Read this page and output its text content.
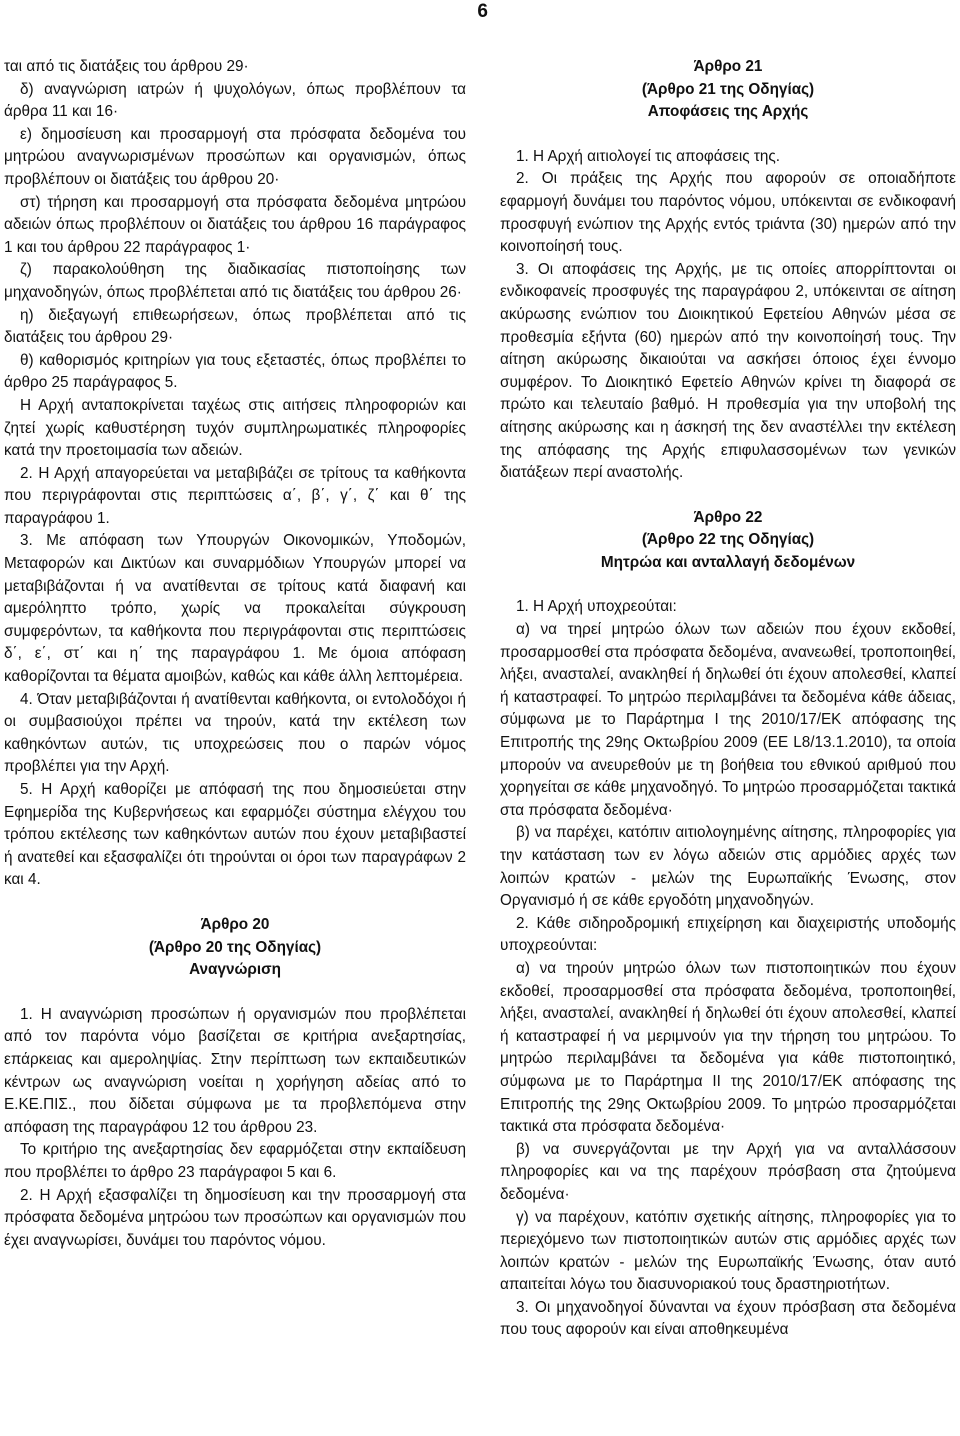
6

ται από τις διατάξεις του άρθρου 29·

δ) αναγνώριση ιατρών ή ψυχολόγων, όπως προβλέπουν τα άρθρα 11 και 16·

ε) δημοσίευση και προσαρμογή στα πρόσφατα δεδομένα του μητρώου αναγνωρισμένων προσώπων και οργανισμών, όπως προβλέπουν οι διατάξεις του άρθρου 20·

στ) τήρηση και προσαρμογή στα πρόσφατα δεδομένα μητρώου αδειών όπως προβλέπουν οι διατάξεις του άρθρου 16 παράγραφος 1 και του άρθρου 22 παράγραφος 1·

ζ) παρακολούθηση της διαδικασίας πιστοποίησης των μηχανοδηγών, όπως προβλέπεται από τις διατάξεις του άρθρου 26·

η) διεξαγωγή επιθεωρήσεων, όπως προβλέπεται από τις διατάξεις του άρθρου 29·

θ) καθορισμός κριτηρίων για τους εξεταστές, όπως προβλέπει το άρθρο 25 παράγραφος 5.

Η Αρχή ανταποκρίνεται ταχέως στις αιτήσεις πληροφοριών και ζητεί χωρίς καθυστέρηση τυχόν συμπληρωματικές πληροφορίες κατά την προετοιμασία των αδειών.

2. Η Αρχή απαγορεύεται να μεταβιβάζει σε τρίτους τα καθήκοντα που περιγράφονται στις περιπτώσεις α΄, β΄, γ΄, ζ΄ και θ΄ της παραγράφου 1.

3. Με απόφαση των Υπουργών Οικονομικών, Υποδομών, Μεταφορών και Δικτύων και συναρμόδιων Υπουργών μπορεί να μεταβιβάζονται ή να ανατίθενται σε τρίτους κατά διαφανή και αμερόληπτο τρόπο, χωρίς να προκαλείται σύγκρουση συμφερόντων, τα καθήκοντα που περιγράφονται στις περιπτώσεις δ΄, ε΄, στ΄ και η΄ της παραγράφου 1. Με όμοια απόφαση καθορίζονται τα θέματα αμοιβών, καθώς και κάθε άλλη λεπτομέρεια.

4. Όταν μεταβιβάζονται ή ανατίθενται καθήκοντα, οι εντολοδόχοι ή οι συμβασιούχοι πρέπει να τηρούν, κατά την εκτέλεση των καθηκόντων αυτών, τις υποχρεώσεις που ο παρών νόμος προβλέπει για την Αρχή.

5. Η Αρχή καθορίζει με απόφασή της που δημοσιεύεται στην Εφημερίδα της Κυβερνήσεως και εφαρμόζει σύστημα ελέγχου του τρόπου εκτέλεσης των καθηκόντων αυτών που έχουν μεταβιβαστεί ή ανατεθεί και εξασφαλίζει ότι τηρούνται οι όροι των παραγράφων 2 και 4.

Άρθρο 20
(Άρθρο 20 της Οδηγίας)
Αναγνώριση

1. Η αναγνώριση προσώπων ή οργανισμών που προβλέπεται από τον παρόντα νόμο βασίζεται σε κριτήρια ανεξαρτησίας, επάρκειας και αμεροληψίας. Στην περίπτωση των εκπαιδευτικών κέντρων ως αναγνώριση νοείται η χορήγηση αδείας από το Ε.ΚΕ.ΠΙΣ., που δίδεται σύμφωνα με τα προβλεπόμενα στην απόφαση της παραγράφου 12 του άρθρου 23.

Το κριτήριο της ανεξαρτησίας δεν εφαρμόζεται στην εκπαίδευση που προβλέπει το άρθρο 23 παράγραφοι 5 και 6.

2. Η Αρχή εξασφαλίζει τη δημοσίευση και την προσαρμογή στα πρόσφατα δεδομένα μητρώου των προσώπων και οργανισμών που έχει αναγνωρίσει, δυνάμει του παρόντος νόμου.

Άρθρο 21
(Άρθρο 21 της Οδηγίας)
Αποφάσεις της Αρχής

1. Η Αρχή αιτιολογεί τις αποφάσεις της.

2. Οι πράξεις της Αρχής που αφορούν σε οποιαδήποτε εφαρμογή δυνάμει του παρόντος νόμου, υπόκεινται σε ενδικοφανή προσφυγή ενώπιον της Αρχής εντός τριάντα (30) ημερών από την κοινοποίησή τους.

3. Οι αποφάσεις της Αρχής, με τις οποίες απορρίπτονται οι ενδικοφανείς προσφυγές της παραγράφου 2, υπόκεινται σε αίτηση ακύρωσης ενώπιον του Διοικητικού Εφετείου Αθηνών μέσα σε προθεσμία εξήντα (60) ημερών από την κοινοποίησή τους. Την αίτηση ακύρωσης δικαιούται να ασκήσει όποιος έχει έννομο συμφέρον. Το Διοικητικό Εφετείο Αθηνών κρίνει τη διαφορά σε πρώτο και τελευταίο βαθμό. Η προθεσμία για την υποβολή της αίτησης ακύρωσης και η άσκησή της δεν αναστέλλει την εκτέλεση της απόφασης της Αρχής επιφυλασσομένων των γενικών διατάξεων περί αναστολής.

Άρθρο 22
(Άρθρο 22 της Οδηγίας)
Μητρώα και ανταλλαγή δεδομένων

1. Η Αρχή υποχρεούται:

α) να τηρεί μητρώο όλων των αδειών που έχουν εκδοθεί, προσαρμοσθεί στα πρόσφατα δεδομένα, ανανεωθεί, τροποποιηθεί, λήξει, ανασταλεί, ανακληθεί ή δηλωθεί ότι έχουν απολεσθεί, κλαπεί ή καταστραφεί. Το μητρώο περιλαμβάνει τα δεδομένα κάθε άδειας, σύμφωνα με το Παράρτημα Ι της 2010/17/ΕΚ απόφασης της Επιτροπής της 29ης Οκτωβρίου 2009 (ΕΕ L8/13.1.2010), τα οποία μπορούν να ανευρεθούν με τη βοήθεια του εθνικού αριθμού που χορηγείται σε κάθε μηχανοδηγό. Το μητρώο προσαρμόζεται τακτικά στα πρόσφατα δεδομένα·

β) να παρέχει, κατόπιν αιτιολογημένης αίτησης, πληροφορίες για την κατάσταση των εν λόγω αδειών στις αρμόδιες αρχές των λοιπών κρατών - μελών της Ευρωπαϊκής Ένωσης, στον Οργανισμό ή σε κάθε εργοδότη μηχανοδηγών.

2. Κάθε σιδηροδρομική επιχείρηση και διαχειριστής υποδομής υποχρεούνται:

α) να τηρούν μητρώο όλων των πιστοποιητικών που έχουν εκδοθεί, προσαρμοσθεί στα πρόσφατα δεδομένα, τροποποιηθεί, λήξει, ανασταλεί, ανακληθεί ή δηλωθεί ότι έχουν απολεσθεί, κλαπεί ή καταστραφεί ή να μεριμνούν για την τήρηση του μητρώου. Το μητρώο περιλαμβάνει τα δεδομένα για κάθε πιστοποιητικό, σύμφωνα με το Παράρτημα ΙΙ της 2010/17/ΕΚ απόφασης της Επιτροπής της 29ης Οκτωβρίου 2009. Το μητρώο προσαρμόζεται τακτικά στα πρόσφατα δεδομένα·

β) να συνεργάζονται με την Αρχή για να ανταλλάσσουν πληροφορίες και να της παρέχουν πρόσβαση στα ζητούμενα δεδομένα·

γ) να παρέχουν, κατόπιν σχετικής αίτησης, πληροφορίες για το περιεχόμενο των πιστοποιητικών αυτών στις αρμόδιες αρχές των λοιπών κρατών - μελών της Ευρωπαϊκής Ένωσης, όταν αυτό απαιτείται λόγω του διασυνοριακού τους δραστηριοτήτων.

3. Οι μηχανοδηγοί δύνανται να έχουν πρόσβαση στα δεδομένα που τους αφορούν και είναι αποθηκευμένα
